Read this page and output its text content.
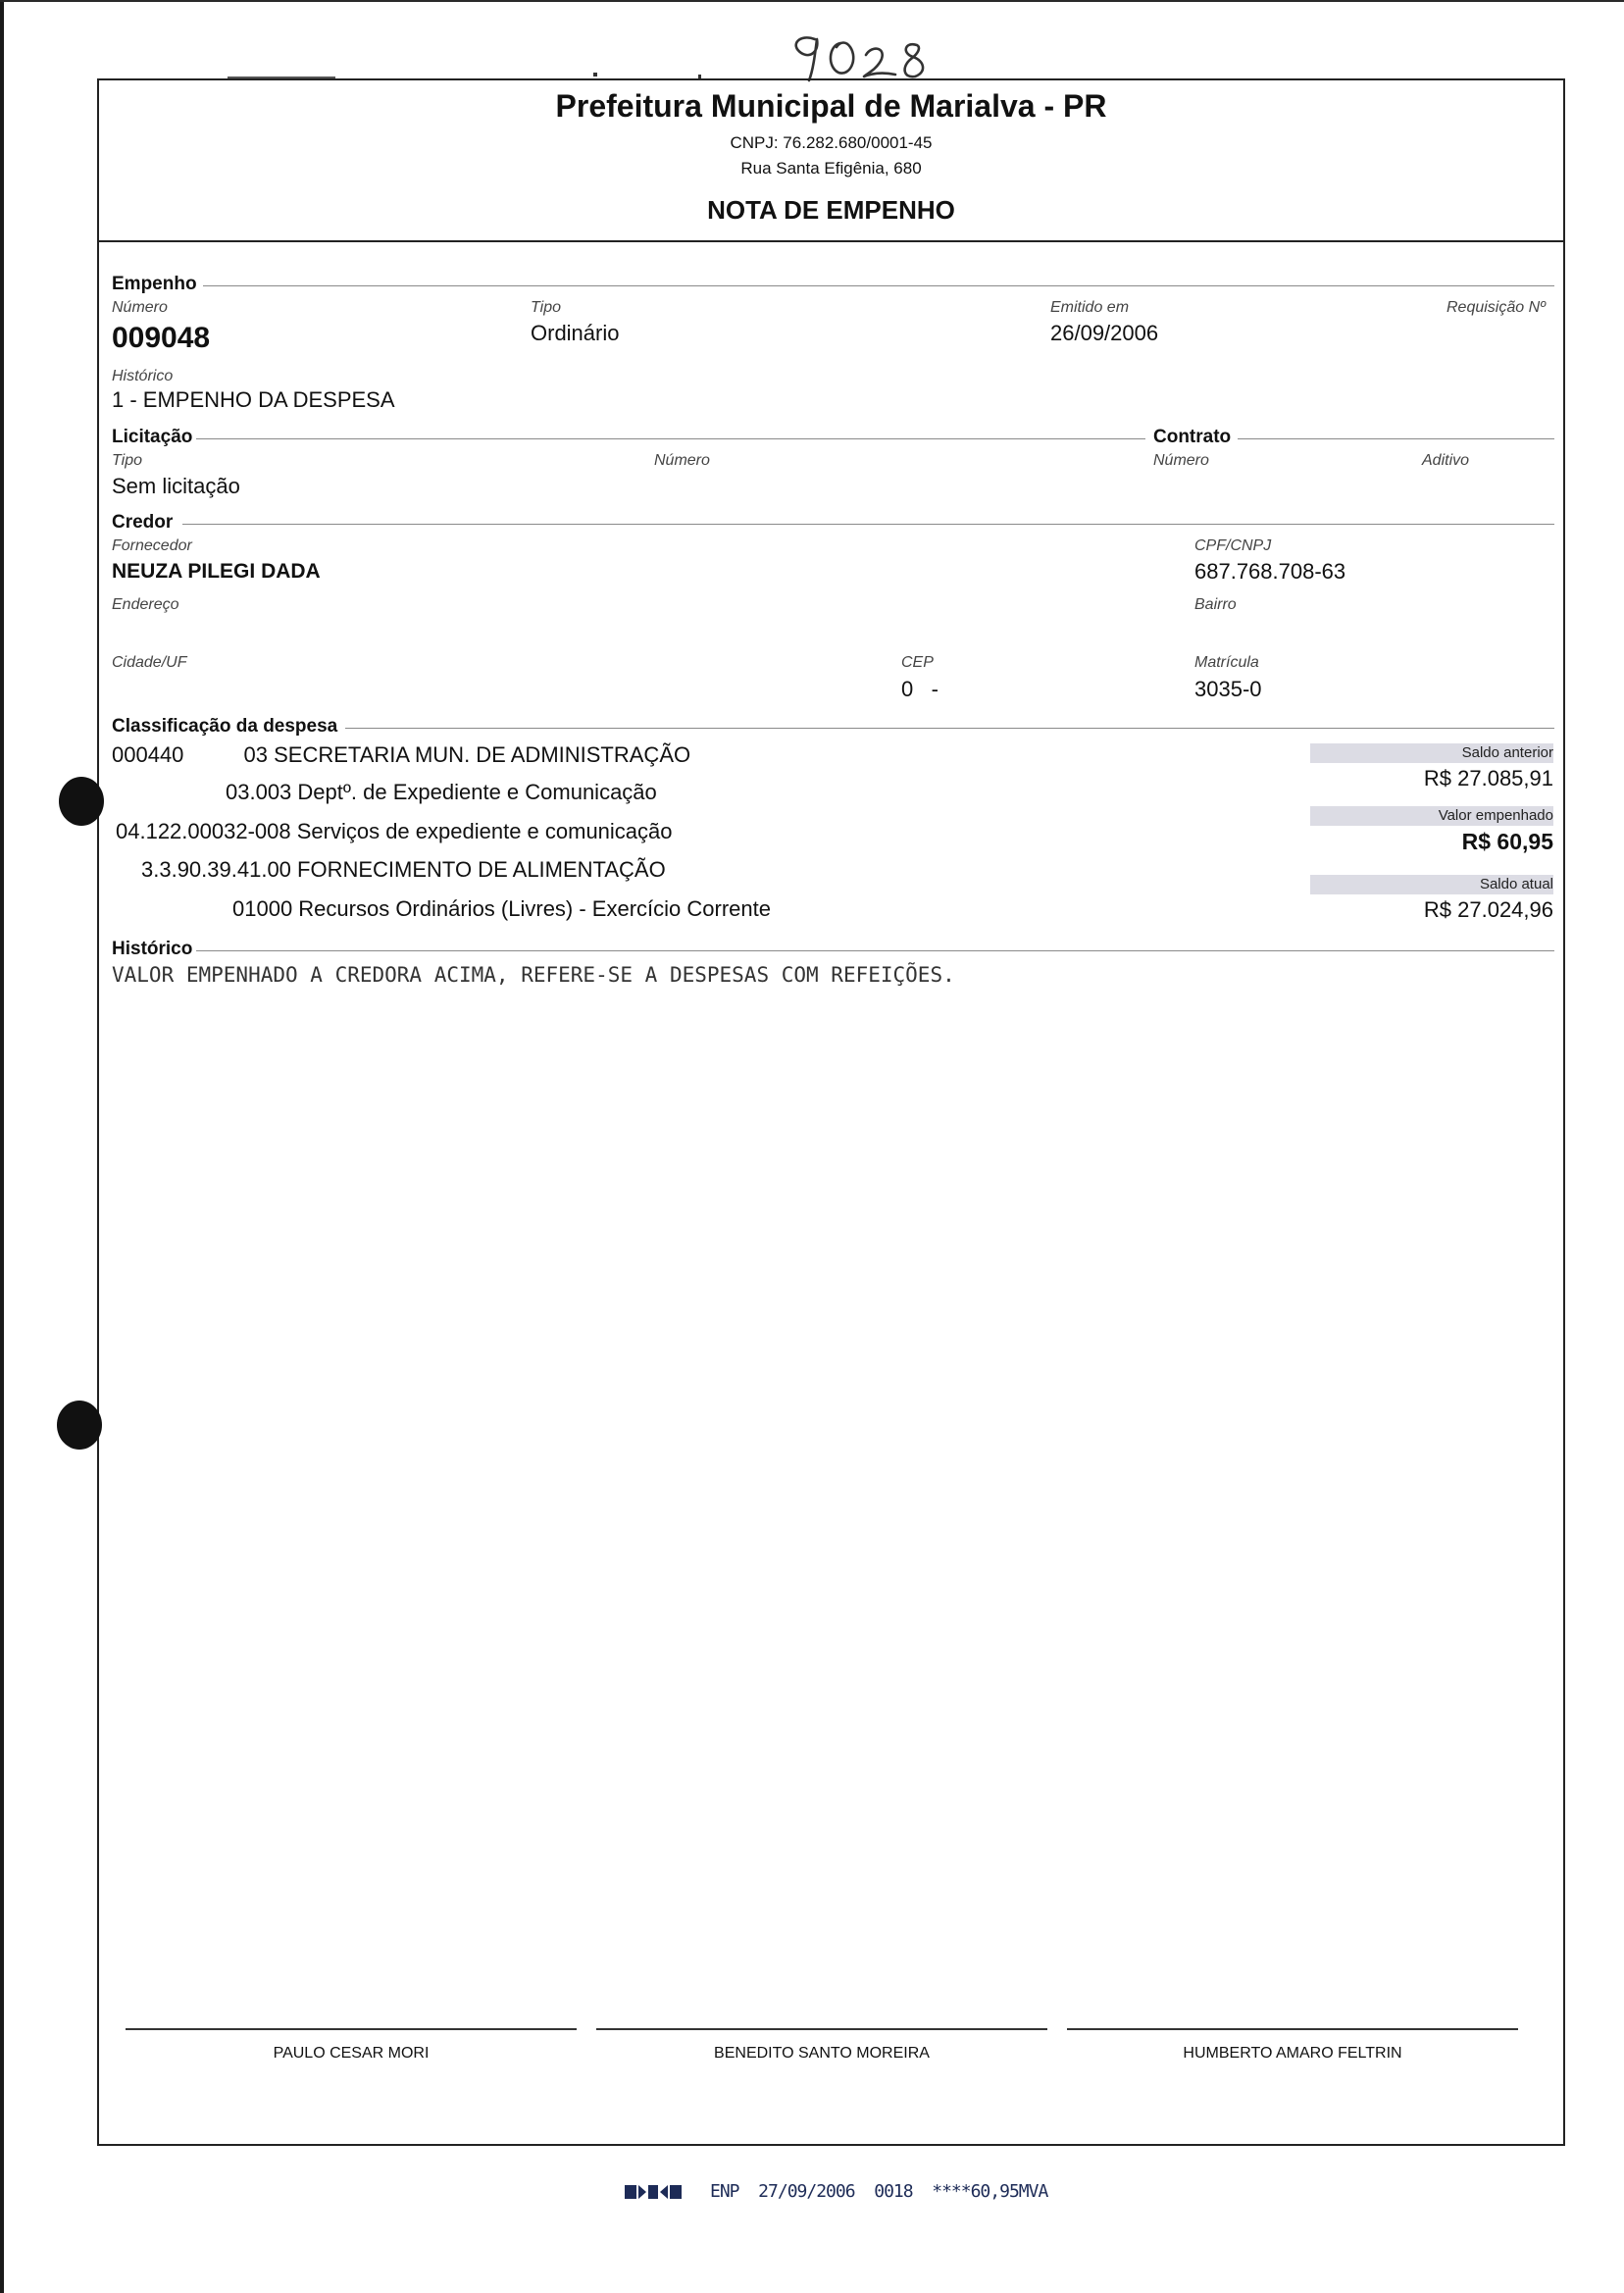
Prefeitura Municipal de Marialva - PR
CNPJ: 76.282.680/0001-45
Rua Santa Efigênia, 680
NOTA DE EMPENHO
Empenho
Número
009048
Tipo
Ordinário
Emitido em
26/09/2006
Requisição Nº
Histórico
1 - EMPENHO DA DESPESA
Licitação	Contrato
Tipo
Sem licitação
Número	Número	Aditivo
Credor
Fornecedor
NEUZA PILEGI DADA
CPF/CNPJ
687.768.708-63
Endereço	Bairro
Cidade/UF	CEP
0   -
Matrícula
3035-0
Classificação da despesa
000440          03 SECRETARIA MUN. DE ADMINISTRAÇÃO
03.003 Deptº. de Expediente e Comunicação
04.122.00032-008 Serviços de expediente e comunicação
3.3.90.39.41.00 FORNECIMENTO DE ALIMENTAÇÃO
01000 Recursos Ordinários (Livres) - Exercício Corrente
Saldo anterior
R$ 27.085,91
Valor empenhado
R$ 60,95
Saldo atual
R$ 27.024,96
Histórico
VALOR EMPENHADO A CREDORA ACIMA, REFERE-SE A DESPESAS COM REFEIÇÕES.
PAULO CESAR MORI	BENEDITO SANTO MOREIRA	HUMBERTO AMARO FELTRIN
ENP  27/09/2006  0018  ****60,95MVA
